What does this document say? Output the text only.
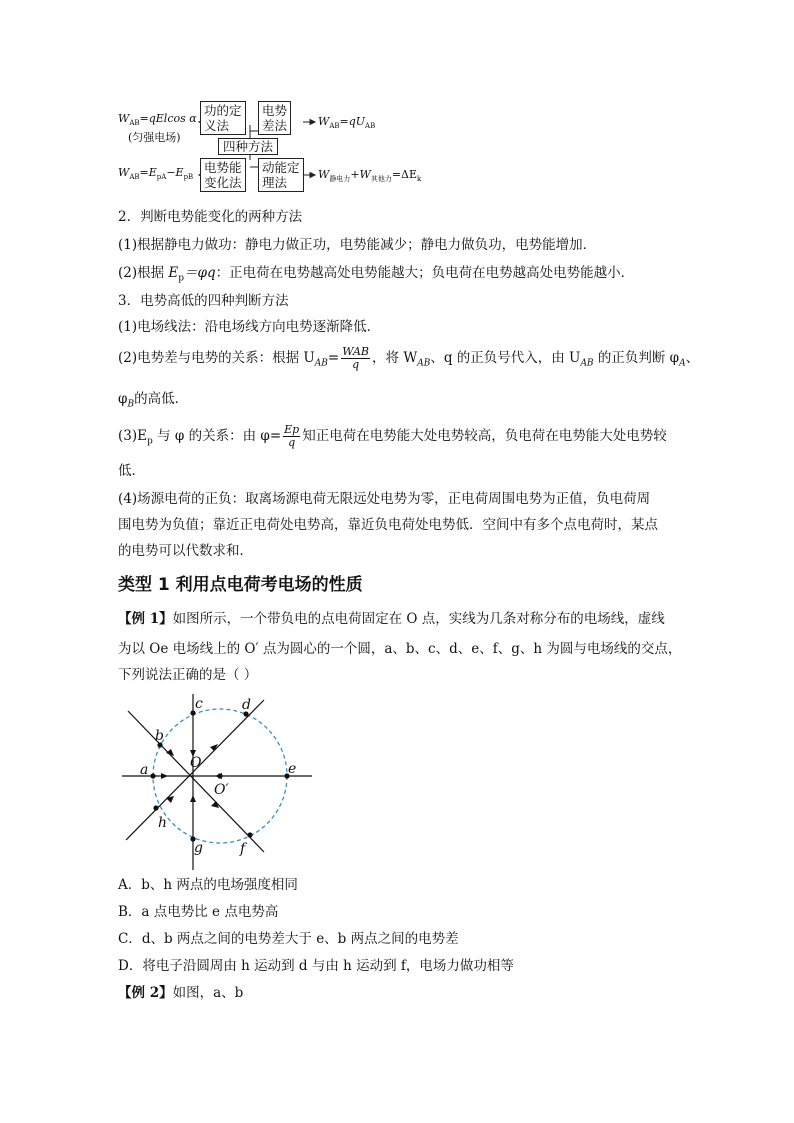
$W_{AB}=qElcos$ α
(匀强电场)
功的定
义法
电势
差法	$W_{AB}=qU_{AB}$
四种方法
$W_{AB}=E_{pA}-E_{pB}$
电势能
变化法
动能定
理法
$W_{静电力}+W_{其他力}=\Delta E_k$
2．判断电势能变化的两种方法
(1)根据静电力做功：静电力做正功，电势能减少；静电力做负功，电势能增加．
(2)根据 $E_p=\varphi q$：正电荷在电势越高处电势能越大；负电荷在电势越高处电势能越小．
3．电势高低的四种判断方法
(1)电场线法：沿电场线方向电势逐渐降低．
(2)电势差与电势的关系：根据 $U_{AB}= \frac{\text{WAB}}{q}$ ，将 $W_{AB}$、q 的正负号代入，由 $U_{AB}$ 的正负判断 $\varphi_A$、
$\varphi_B$的高低．
$(3)E_p$ 与 φ 的关系：由 $\varphi= \frac{Ep}{q}$ 知正电荷在电势能大处电势较高，负电荷在电势能大处电势较
低．
(4)场源电荷的正负：取离场源电荷无限远处电势为零，正电荷周围电势为正值，负电荷周
围电势为负值；靠近正电荷处电势高，靠近负电荷处电势低．空间中有多个点电荷时，某点
的电势可以代数求和．
类型 1 利用点电荷考电场的性质
【例 1】如图所示，一个带负电的点电荷固定在 O 点，实线为几条对称分布的电场线，虚线
为以 Oe 电场线上的 O′ 点为圆心的一个圆，a、b、c、d、e、f、g、h 为圆与电场线的交点，
下列说法正确的是（ ）
a
b
c	d
e
f
g
h
O
O′
A．b、h 两点的电场强度相同
B．a 点电势比 e 点电势高
C．d、b 两点之间的电势差大于 e、b 两点之间的电势差
D．将电子沿圆周由 h 运动到 d 与由 h 运动到 f，电场力做功相等
【例 2】如图，a、b
